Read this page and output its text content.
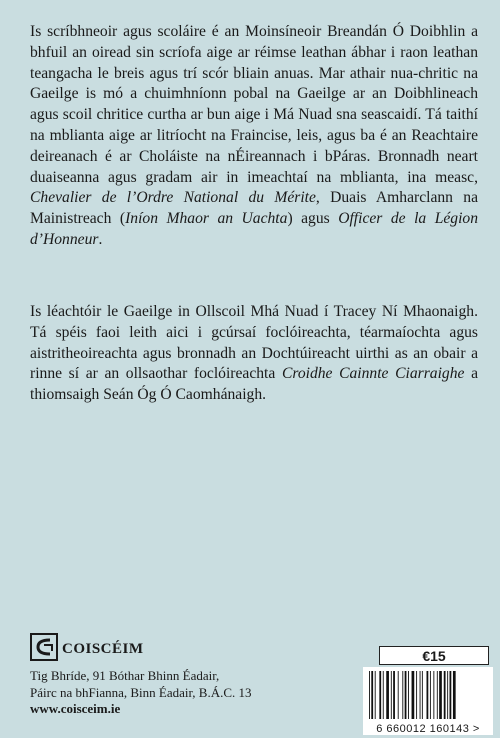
Is scríbhneoir agus scoláire é an Moinsíneoir Breandán Ó Doibhlin a bhfuil an oiread sin scríofa aige ar réimse leathan ábhar i raon leathan teangacha le breis agus trí scór bliain anuas. Mar athair nua-chritic na Gaeilge is mó a chuimhníonn pobal na Gaeilge ar an Doibhlineach agus scoil chritice curtha ar bun aige i Má Nuad sna seascaidí. Tá taithí na mblianta aige ar litríocht na Fraincise, leis, agus ba é an Reachtaire deireanach é ar Choláiste na nÉireannach i bPáras. Bronnadh neart duaiseanna agus gradam air in imeachtaí na mblianta, ina measc, Chevalier de l’Ordre National du Mérite, Duais Amharclann na Mainistreach (Iníon Mhaor an Uachta) agus Officer de la Légion d’Honneur.

Is léachtóir le Gaeilge in Ollscoil Mhá Nuad í Tracey Ní Mhaonaigh. Tá spéis faoi leith aici i gcúrsaí foclóireachta, téarmaíochta agus aistritheoireachta agus bronnadh an Dochtúireacht uirthi as an obair a rinne sí ar an ollsaothar foclóireachta Croidhe Cainnte Ciarraighe a thiomsaigh Seán Óg Ó Caomhánaigh.

COISCÉIM
Tig Bhríde, 91 Bóthar Bhinn Éadair,
Páirc na bhFianna, Binn Éadair, B.Á.C. 13
www.coisceim.ie
€15
6 660012 160143 >
